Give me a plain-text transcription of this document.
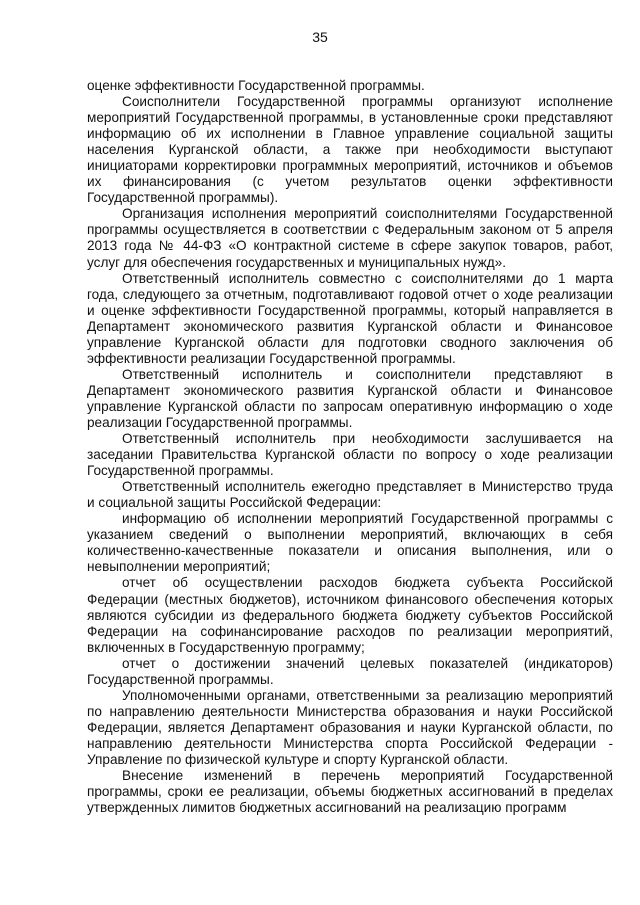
35
оценке эффективности Государственной программы.
Соисполнители Государственной программы организуют исполнение
мероприятий Государственной программы, в установленные сроки представляют
информацию об их исполнении в Главное управление социальной защиты
населения Курганской области, а также при необходимости выступают
инициаторами корректировки программных мероприятий, источников и объемов
их финансирования (с учетом результатов оценки эффективности
Государственной программы).
Организация исполнения мероприятий соисполнителями Государственной
программы осуществляется в соответствии с Федеральным законом от 5 апреля
2013 года № 44-ФЗ «О контрактной системе в сфере закупок товаров, работ,
услуг для обеспечения государственных и муниципальных нужд».
Ответственный исполнитель совместно с соисполнителями до 1 марта
года, следующего за отчетным, подготавливают годовой отчет о ходе реализации
и оценке эффективности Государственной программы, который направляется в
Департамент экономического развития Курганской области и Финансовое
управление Курганской области для подготовки сводного заключения об
эффективности реализации Государственной программы.
Ответственный исполнитель и соисполнители представляют в
Департамент экономического развития Курганской области и Финансовое
управление Курганской области по запросам оперативную информацию о ходе
реализации Государственной программы.
Ответственный исполнитель при необходимости заслушивается на
заседании Правительства Курганской области по вопросу о ходе реализации
Государственной программы.
Ответственный исполнитель ежегодно представляет в Министерство труда
и социальной защиты Российской Федерации:
информацию об исполнении мероприятий Государственной программы с
указанием сведений о выполнении мероприятий, включающих в себя
количественно-качественные показатели и описания выполнения, или о
невыполнении мероприятий;
отчет об осуществлении расходов бюджета субъекта Российской
Федерации (местных бюджетов), источником финансового обеспечения которых
являются субсидии из федерального бюджета бюджету субъектов Российской
Федерации на софинансирование расходов по реализации мероприятий,
включенных в Государственную программу;
отчет о достижении значений целевых показателей (индикаторов)
Государственной программы.
Уполномоченными органами, ответственными за реализацию мероприятий
по направлению деятельности Министерства образования и науки Российской
Федерации, является Департамент образования и науки Курганской области, по
направлению деятельности Министерства спорта Российской Федерации -
Управление по физической культуре и спорту Курганской области.
Внесение изменений в перечень мероприятий Государственной
программы, сроки ее реализации, объемы бюджетных ассигнований в пределах
утвержденных лимитов бюджетных ассигнований на реализацию программ
